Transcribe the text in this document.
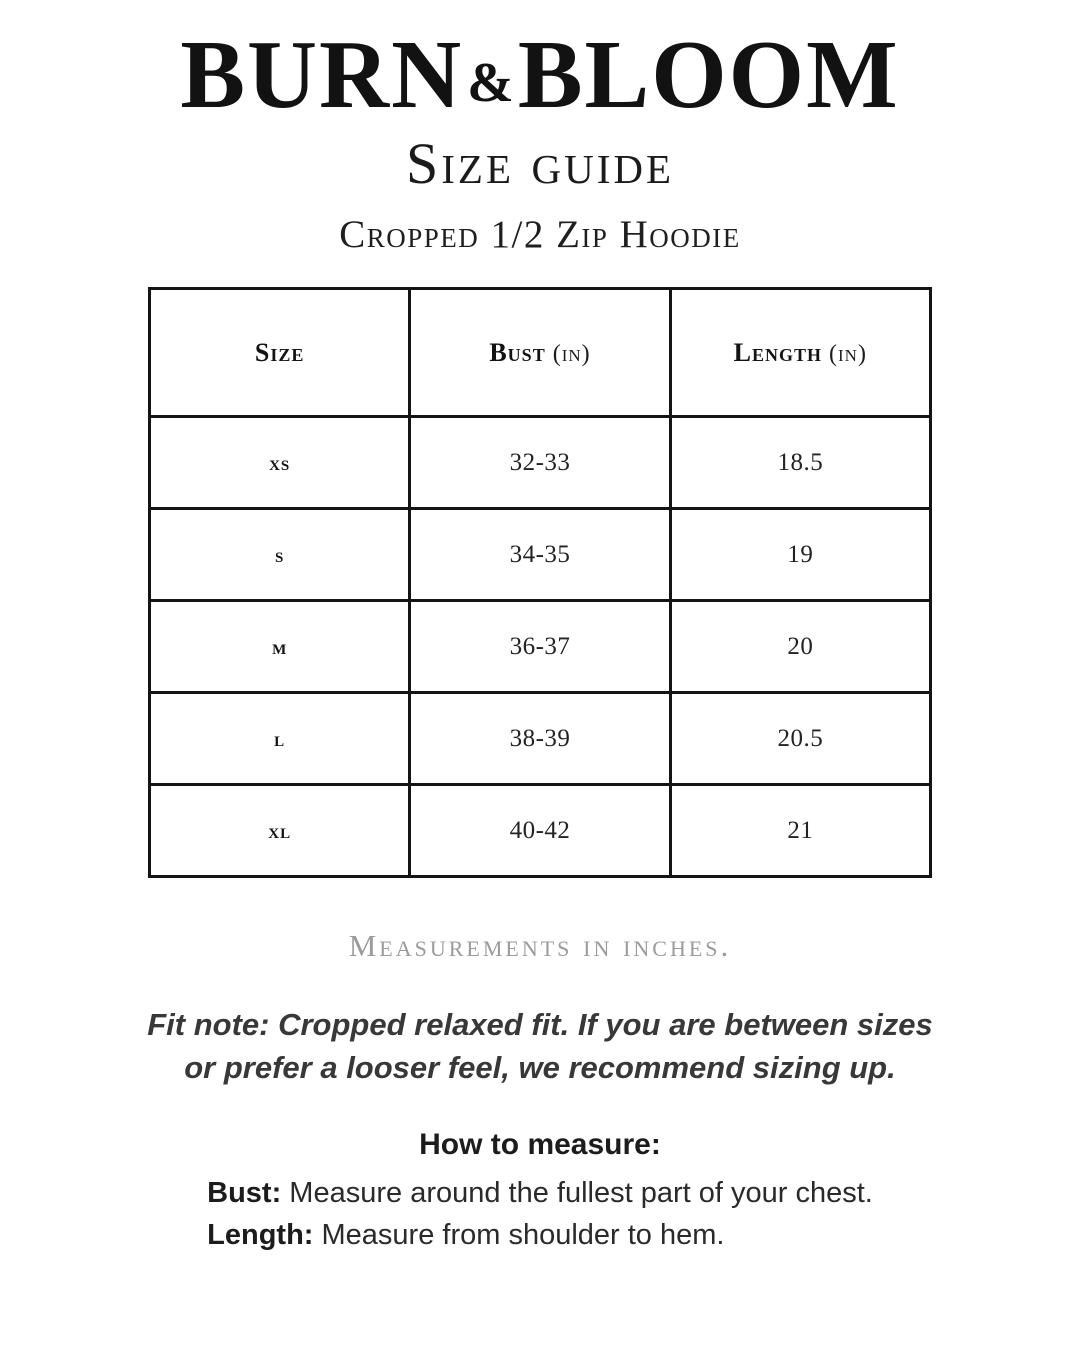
BURN&BLOOM
Size guide
Cropped 1/2 Zip Hoodie
Size	Bust (in)	Length (in)
xs	32-33	18.5
s	34-35	19
m	36-37	20
l	38-39	20.5
xl	40-42	21
Measurements in inches.
Fit note: Cropped relaxed fit. If you are between sizes
or prefer a looser feel, we recommend sizing up.
How to measure:
Bust: Measure around the fullest part of your chest.
Length: Measure from shoulder to hem.
